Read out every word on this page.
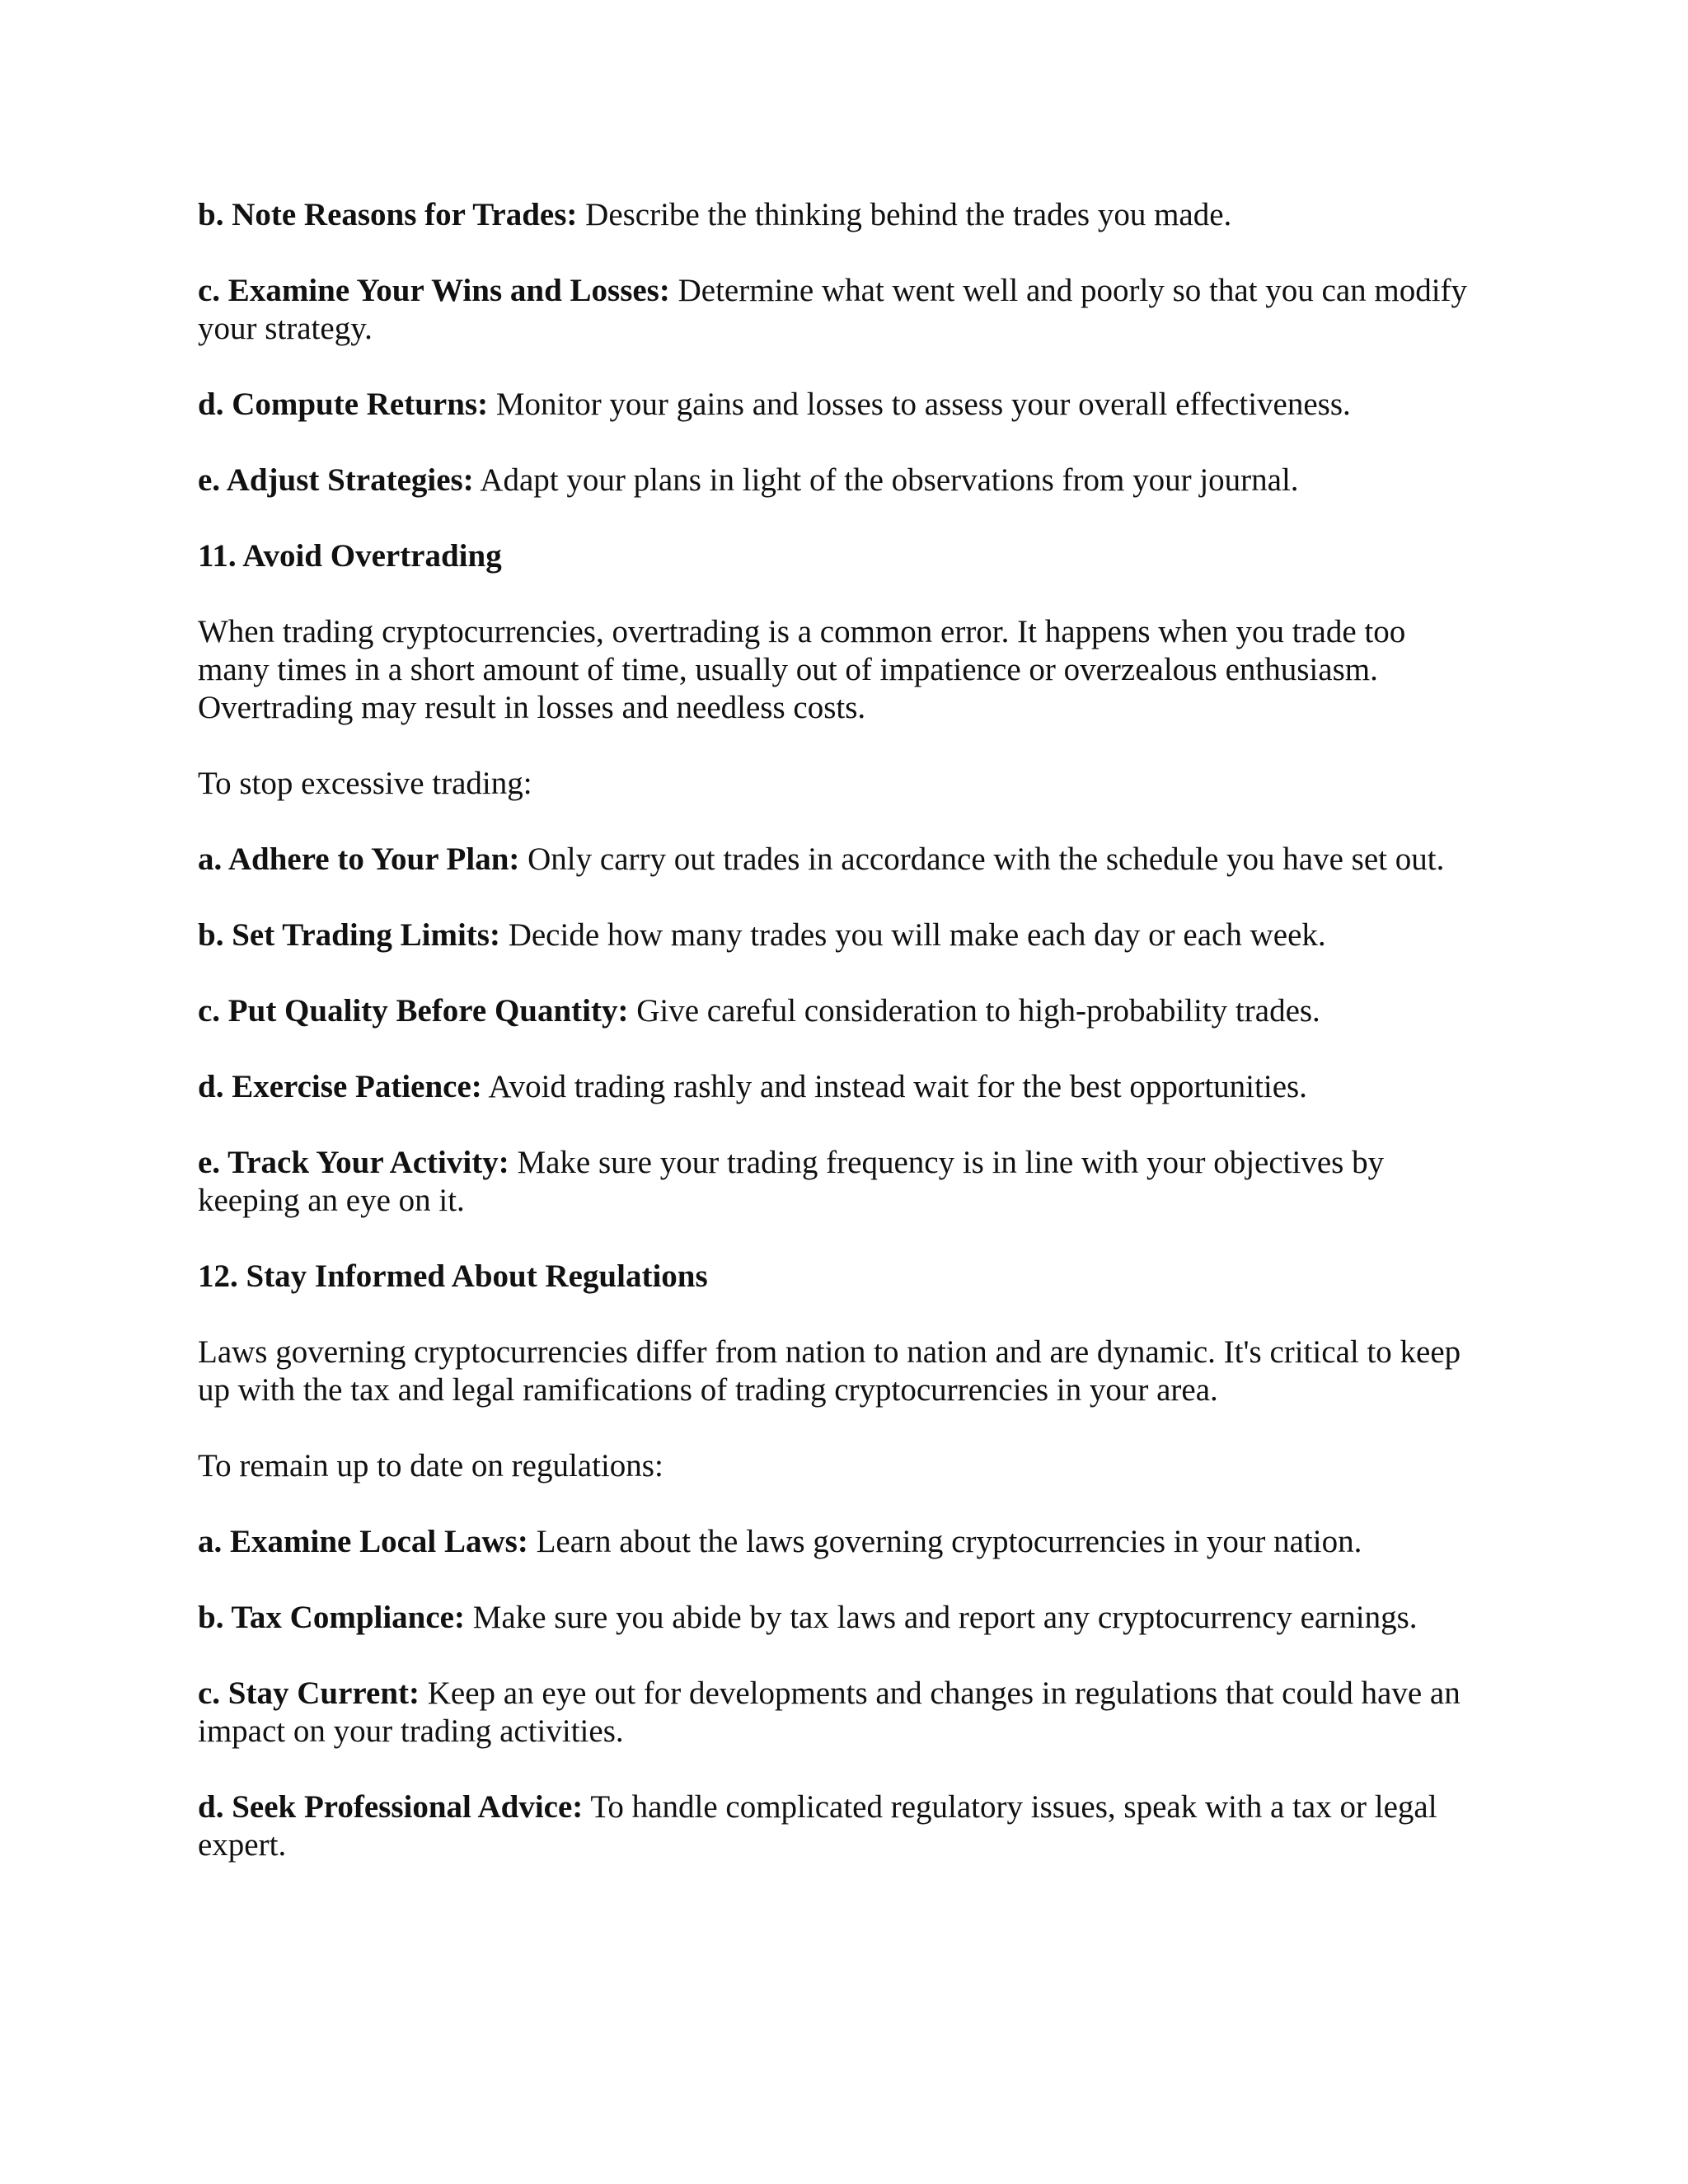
b. Note Reasons for Trades: Describe the thinking behind the trades you made.

c. Examine Your Wins and Losses: Determine what went well and poorly so that you can modify your strategy.

d. Compute Returns: Monitor your gains and losses to assess your overall effectiveness.

e. Adjust Strategies: Adapt your plans in light of the observations from your journal.

11. Avoid Overtrading

When trading cryptocurrencies, overtrading is a common error. It happens when you trade too many times in a short amount of time, usually out of impatience or overzealous enthusiasm. Overtrading may result in losses and needless costs.

To stop excessive trading:

a. Adhere to Your Plan: Only carry out trades in accordance with the schedule you have set out.

b. Set Trading Limits: Decide how many trades you will make each day or each week.

c. Put Quality Before Quantity: Give careful consideration to high-probability trades.

d. Exercise Patience: Avoid trading rashly and instead wait for the best opportunities.

e. Track Your Activity: Make sure your trading frequency is in line with your objectives by keeping an eye on it.

12. Stay Informed About Regulations

Laws governing cryptocurrencies differ from nation to nation and are dynamic. It's critical to keep up with the tax and legal ramifications of trading cryptocurrencies in your area.

To remain up to date on regulations:

a. Examine Local Laws: Learn about the laws governing cryptocurrencies in your nation.

b. Tax Compliance: Make sure you abide by tax laws and report any cryptocurrency earnings.

c. Stay Current: Keep an eye out for developments and changes in regulations that could have an impact on your trading activities.

d. Seek Professional Advice: To handle complicated regulatory issues, speak with a tax or legal expert.
